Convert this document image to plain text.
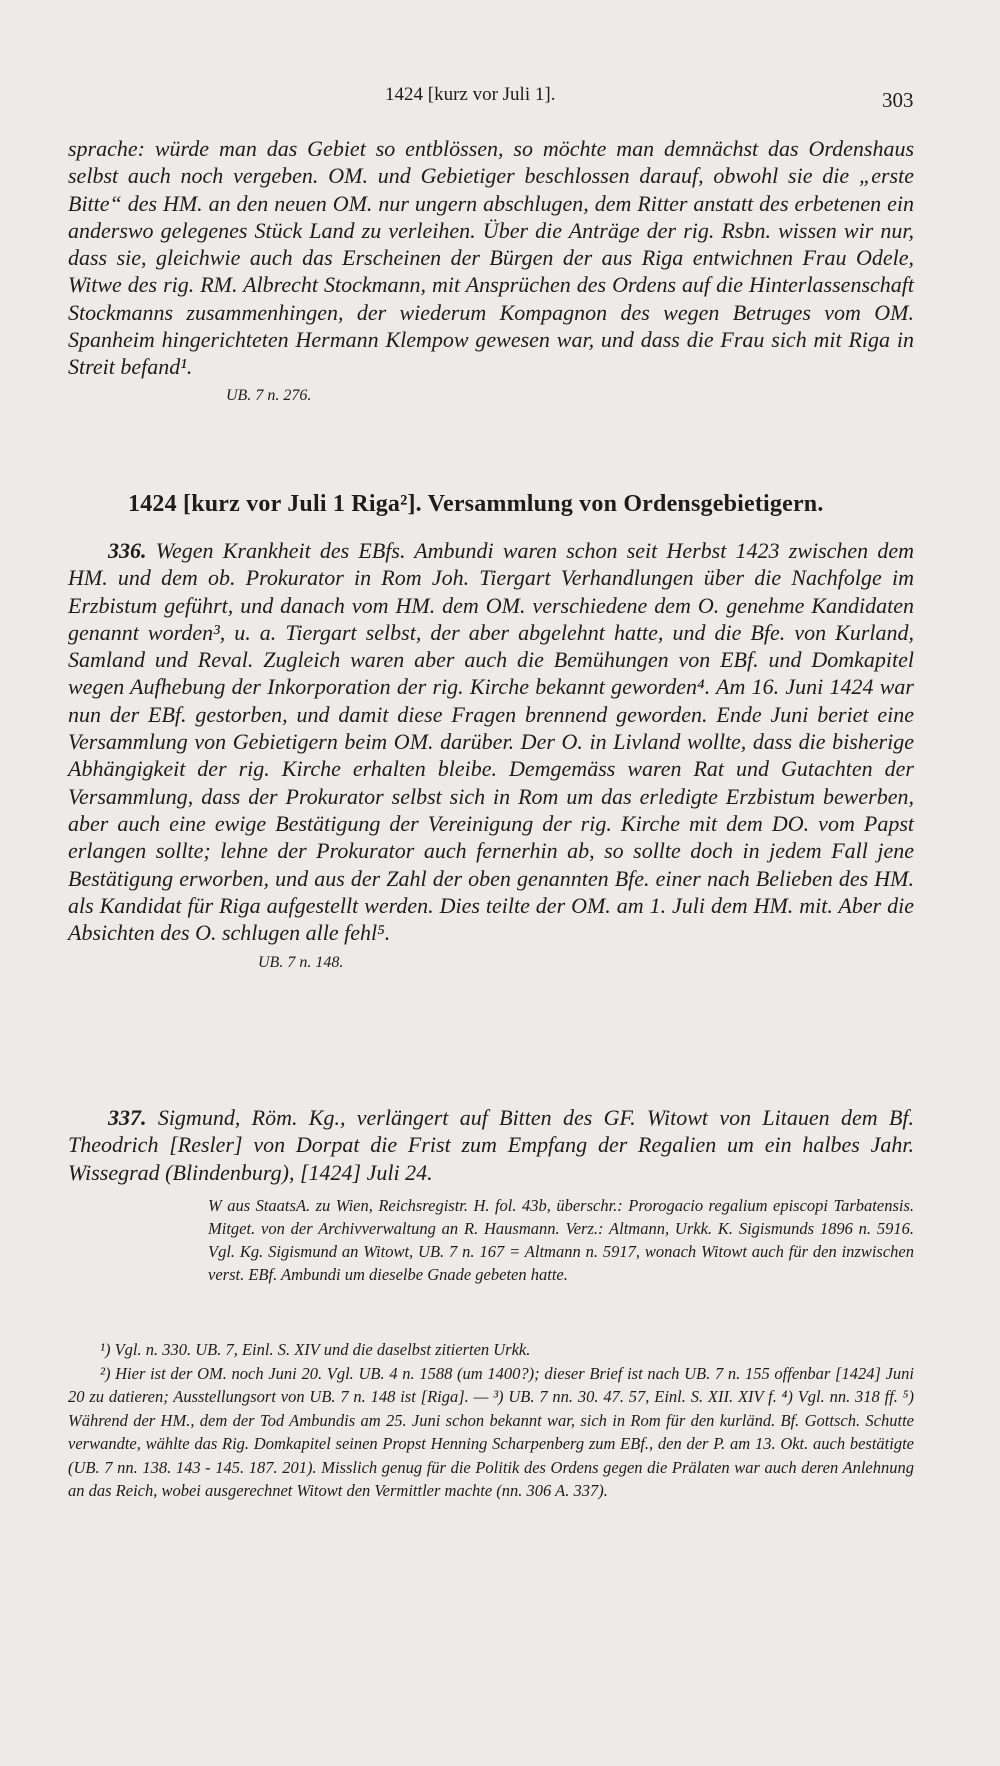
1424 [kurz vor Juli 1].	303

sprache: würde man das Gebiet so entblössen, so möchte man demnächst das Ordenshaus selbst auch noch vergeben. OM. und Gebietiger beschlossen darauf, obwohl sie die „erste Bitte“ des HM. an den neuen OM. nur ungern abschlugen, dem Ritter anstatt des erbetenen ein anderswo gelegenes Stück Land zu verleihen. Über die Anträge der rig. Rsbn. wissen wir nur, dass sie, gleichwie auch das Erscheinen der Bürgen der aus Riga entwichnen Frau Odele, Witwe des rig. RM. Albrecht Stockmann, mit Ansprüchen des Ordens auf die Hinterlassenschaft Stockmanns zusammenhingen, der wiederum Kompagnon des wegen Betruges vom OM. Spanheim hingerichteten Hermann Klempow gewesen war, und dass die Frau sich mit Riga in Streit befand¹.

UB. 7 n. 276.
1424 [kurz vor Juli 1 Riga²]. Versammlung von Ordensgebietigern.

336. Wegen Krankheit des EBfs. Ambundi waren schon seit Herbst 1423 zwischen dem HM. und dem ob. Prokurator in Rom Joh. Tiergart Verhandlungen über die Nachfolge im Erzbistum geführt, und danach vom HM. dem OM. verschiedene dem O. genehme Kandidaten genannt worden³, u. a. Tiergart selbst, der aber abgelehnt hatte, und die Bfe. von Kurland, Samland und Reval. Zugleich waren aber auch die Bemühungen von EBf. und Domkapitel wegen Aufhebung der Inkorporation der rig. Kirche bekannt geworden⁴. Am 16. Juni 1424 war nun der EBf. gestorben, und damit diese Fragen brennend geworden. Ende Juni beriet eine Versammlung von Gebietigern beim OM. darüber. Der O. in Livland wollte, dass die bisherige Abhängigkeit der rig. Kirche erhalten bleibe. Demgemäss waren Rat und Gutachten der Versammlung, dass der Prokurator selbst sich in Rom um das erledigte Erzbistum bewerben, aber auch eine ewige Bestätigung der Vereinigung der rig. Kirche mit dem DO. vom Papst erlangen sollte; lehne der Prokurator auch fernerhin ab, so sollte doch in jedem Fall jene Bestätigung erworben, und aus der Zahl der oben genannten Bfe. einer nach Belieben des HM. als Kandidat für Riga aufgestellt werden. Dies teilte der OM. am 1. Juli dem HM. mit. Aber die Absichten des O. schlugen alle fehl⁵.

UB. 7 n. 148.

337. Sigmund, Röm. Kg., verlängert auf Bitten des GF. Witowt von Litauen dem Bf. Theodrich [Resler] von Dorpat die Frist zum Empfang der Regalien um ein halbes Jahr. Wissegrad (Blindenburg), [1424] Juli 24.

W aus StaatsA. zu Wien, Reichsregistr. H. fol. 43b, überschr.: Prorogacio regalium episcopi Tarbatensis. Mitget. von der Archivverwaltung an R. Hausmann. Verz.: Altmann, Urkk. K. Sigismunds 1896 n. 5916. Vgl. Kg. Sigismund an Witowt, UB. 7 n. 167 = Altmann n. 5917, wonach Witowt auch für den inzwischen verst. EBf. Ambundi um dieselbe Gnade gebeten hatte.

¹) Vgl. n. 330. UB. 7, Einl. S. XIV und die daselbst zitierten Urkk.

²) Hier ist der OM. noch Juni 20. Vgl. UB. 4 n. 1588 (um 1400?); dieser Brief ist nach UB. 7 n. 155 offenbar [1424] Juni 20 zu datieren; Ausstellungsort von UB. 7 n. 148 ist [Riga]. — ³) UB. 7 nn. 30. 47. 57, Einl. S. XII. XIV f. ⁴) Vgl. nn. 318 ff. ⁵) Während der HM., dem der Tod Ambundis am 25. Juni schon bekannt war, sich in Rom für den kurländ. Bf. Gottsch. Schutte verwandte, wählte das Rig. Domkapitel seinen Propst Henning Scharpenberg zum EBf., den der P. am 13. Okt. auch bestätigte (UB. 7 nn. 138. 143 - 145. 187. 201). Misslich genug für die Politik des Ordens gegen die Prälaten war auch deren Anlehnung an das Reich, wobei ausgerechnet Witowt den Vermittler machte (nn. 306 A. 337).
